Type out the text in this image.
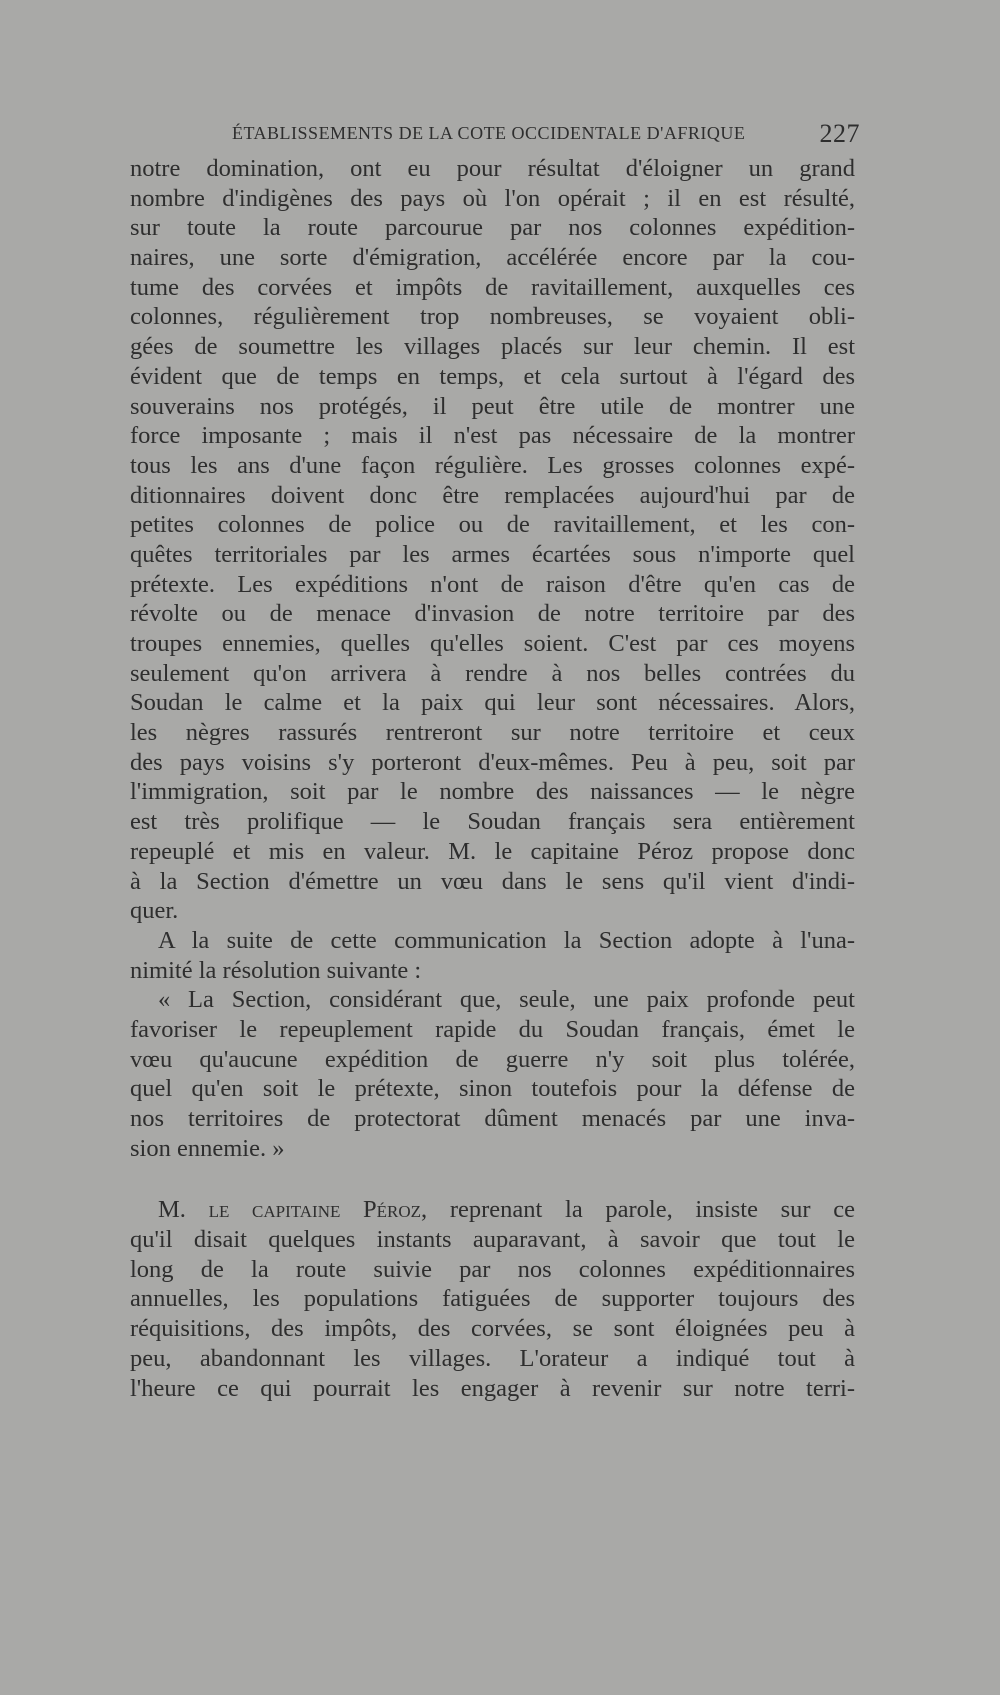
ÉTABLISSEMENTS DE LA COTE OCCIDENTALE D'AFRIQUE	227
notre domination, ont eu pour résultat d'éloigner un grand
nombre d'indigènes des pays où l'on opérait ; il en est résulté,
sur toute la route parcourue par nos colonnes expédition-
naires, une sorte d'émigration, accélérée encore par la cou-
tume des corvées et impôts de ravitaillement, auxquelles ces
colonnes, régulièrement trop nombreuses, se voyaient obli-
gées de soumettre les villages placés sur leur chemin. Il est
évident que de temps en temps, et cela surtout à l'égard des
souverains nos protégés, il peut être utile de montrer une
force imposante ; mais il n'est pas nécessaire de la montrer
tous les ans d'une façon régulière. Les grosses colonnes expé-
ditionnaires doivent donc être remplacées aujourd'hui par de
petites colonnes de police ou de ravitaillement, et les con-
quêtes territoriales par les armes écartées sous n'importe quel
prétexte. Les expéditions n'ont de raison d'être qu'en cas de
révolte ou de menace d'invasion de notre territoire par des
troupes ennemies, quelles qu'elles soient. C'est par ces moyens
seulement qu'on arrivera à rendre à nos belles contrées du
Soudan le calme et la paix qui leur sont nécessaires. Alors,
les nègres rassurés rentreront sur notre territoire et ceux
des pays voisins s'y porteront d'eux-mêmes. Peu à peu, soit par
l'immigration, soit par le nombre des naissances — le nègre
est très prolifique — le Soudan français sera entièrement
repeuplé et mis en valeur. M. le capitaine Péroz propose donc
à la Section d'émettre un vœu dans le sens qu'il vient d'indi-
quer.
A la suite de cette communication la Section adopte à l'una-
nimité la résolution suivante :
« La Section, considérant que, seule, une paix profonde peut
favoriser le repeuplement rapide du Soudan français, émet le
vœu qu'aucune expédition de guerre n'y soit plus tolérée,
quel qu'en soit le prétexte, sinon toutefois pour la défense de
nos territoires de protectorat dûment menacés par une inva-
sion ennemie. »
M. le capitaine Péroz, reprenant la parole, insiste sur ce
qu'il disait quelques instants auparavant, à savoir que tout le
long de la route suivie par nos colonnes expéditionnaires
annuelles, les populations fatiguées de supporter toujours des
réquisitions, des impôts, des corvées, se sont éloignées peu à
peu, abandonnant les villages. L'orateur a indiqué tout à
l'heure ce qui pourrait les engager à revenir sur notre terri-
